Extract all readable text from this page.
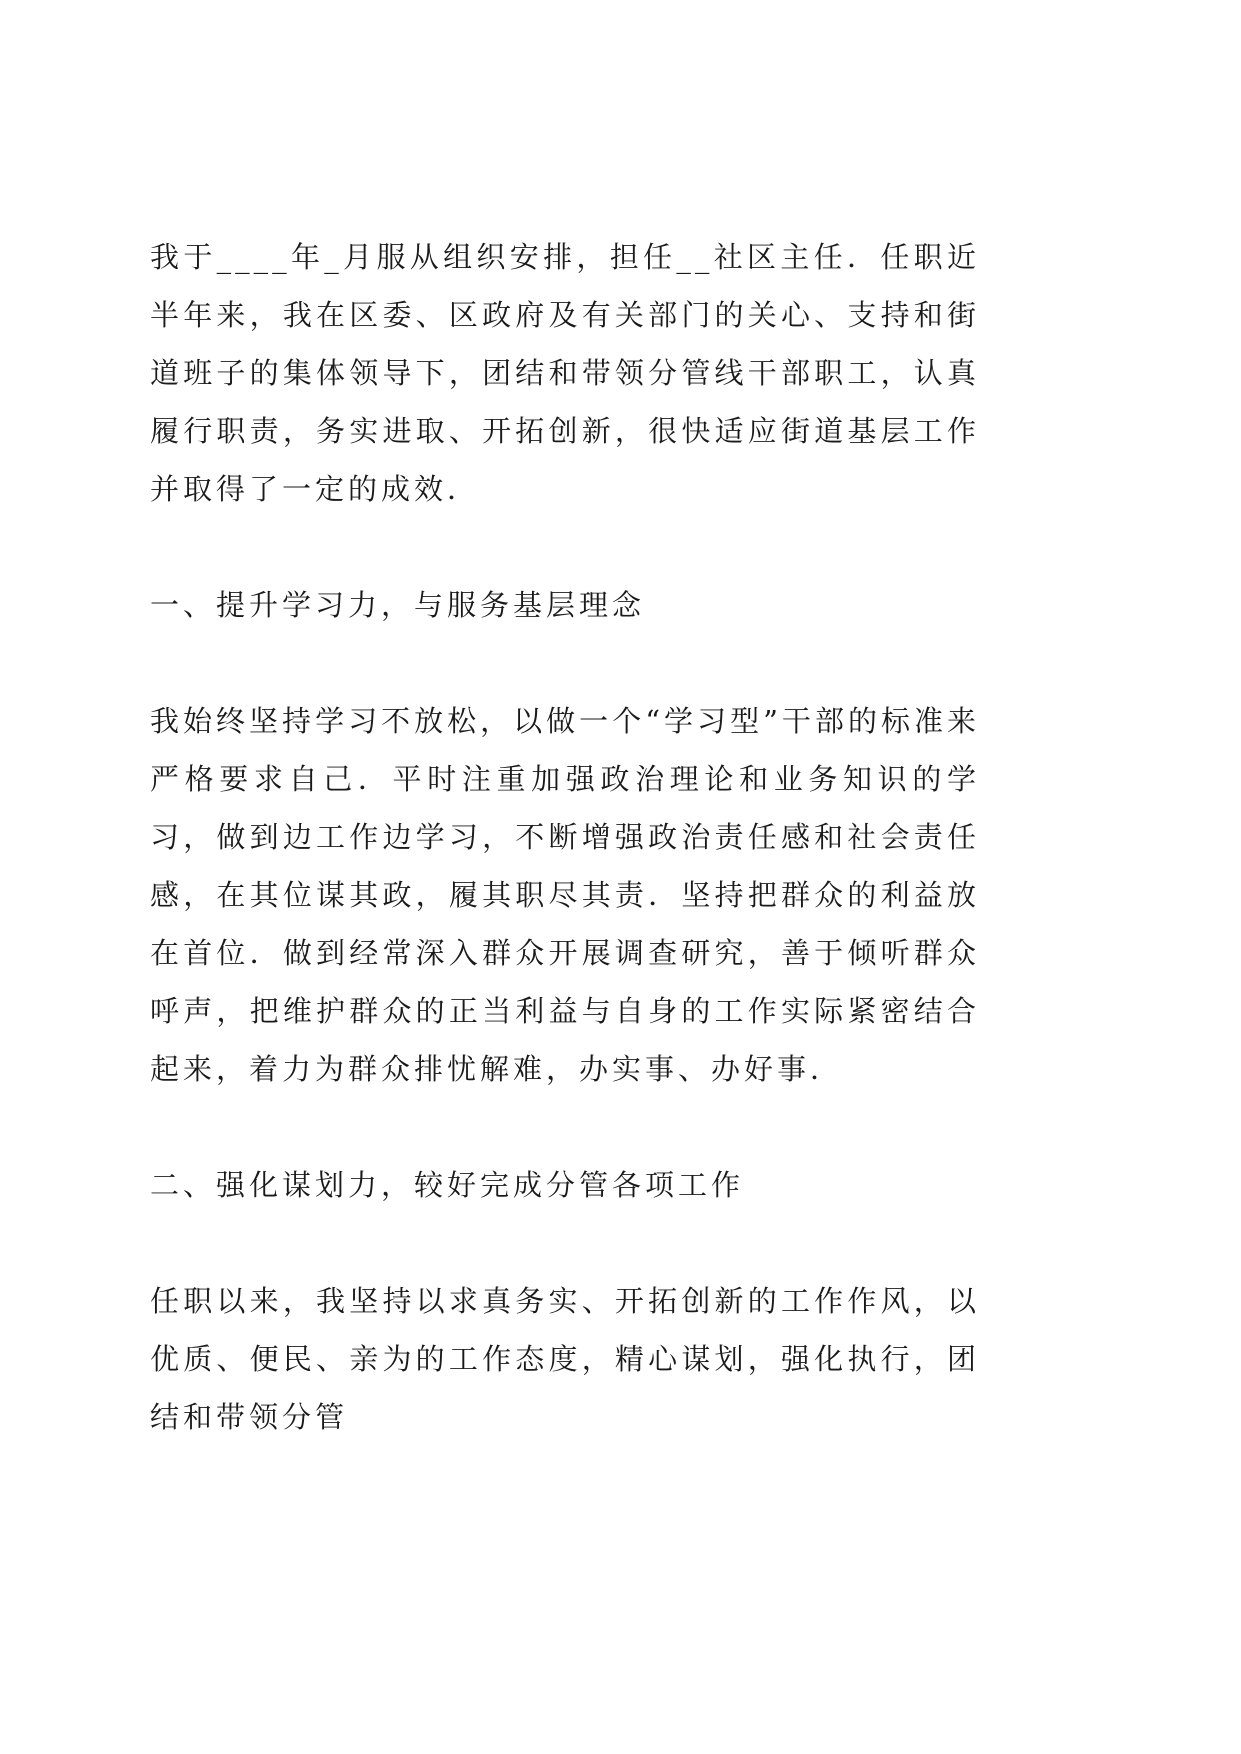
我于____年_月服从组织安排，担任__社区主任．任职近半年来，我在区委、区政府及有关部门的关心、支持和街道班子的集体领导下，团结和带领分管线干部职工，认真履行职责，务实进取、开拓创新，很快适应街道基层工作并取得了一定的成效．

一、提升学习力，与服务基层理念

我始终坚持学习不放松，以做一个“学习型”干部的标准来严格要求自己．平时注重加强政治理论和业务知识的学习，做到边工作边学习，不断增强政治责任感和社会责任感，在其位谋其政，履其职尽其责．坚持把群众的利益放在首位．做到经常深入群众开展调查研究，善于倾听群众呼声，把维护群众的正当利益与自身的工作实际紧密结合起来，着力为群众排忧解难，办实事、办好事．

二、强化谋划力，较好完成分管各项工作

任职以来，我坚持以求真务实、开拓创新的工作作风，以优质、便民、亲为的工作态度，精心谋划，强化执行，团结和带领分管
